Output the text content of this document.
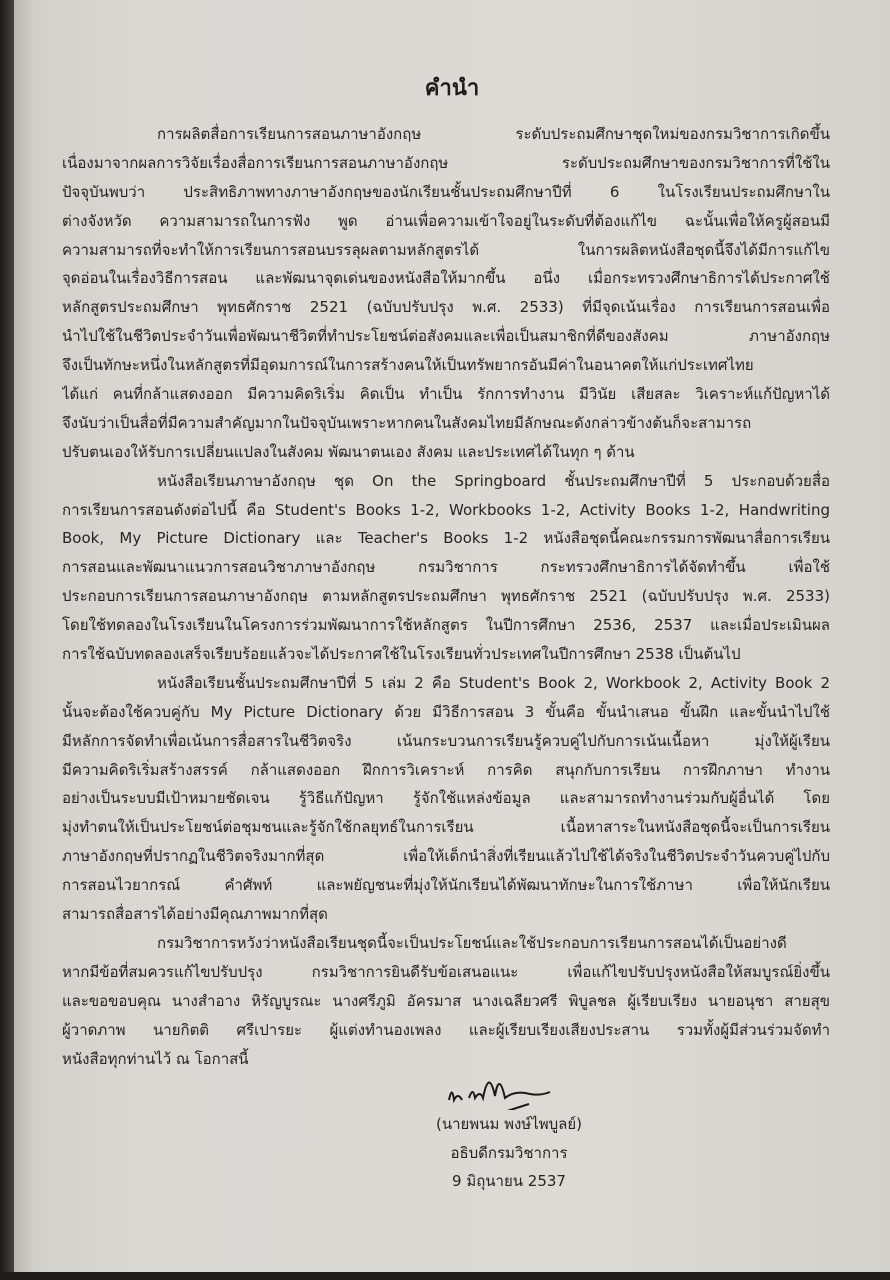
คำนำ
การผลิตสื่อการเรียนการสอนภาษาอังกฤษ ระดับประถมศึกษาชุดใหม่ของกรมวิชาการเกิดขึ้น
เนื่องมาจากผลการวิจัยเรื่องสื่อการเรียนการสอนภาษาอังกฤษ ระดับประถมศึกษาของกรมวิชาการที่ใช้ใน
ปัจจุบันพบว่า ประสิทธิภาพทางภาษาอังกฤษของนักเรียนชั้นประถมศึกษาปีที่ 6 ในโรงเรียนประถมศึกษาใน
ต่างจังหวัด ความสามารถในการฟัง พูด อ่านเพื่อความเข้าใจอยู่ในระดับที่ต้องแก้ไข ฉะนั้นเพื่อให้ครูผู้สอนมี
ความสามารถที่จะทำให้การเรียนการสอนบรรลุผลตามหลักสูตรได้ ในการผลิตหนังสือชุดนี้จึงได้มีการแก้ไข
จุดอ่อนในเรื่องวิธีการสอน และพัฒนาจุดเด่นของหนังสือให้มากขึ้น อนึ่ง เมื่อกระทรวงศึกษาธิการได้ประกาศใช้
หลักสูตรประถมศึกษา พุทธศักราช 2521 (ฉบับปรับปรุง พ.ศ. 2533) ที่มีจุดเน้นเรื่อง การเรียนการสอนเพื่อ
นำไปใช้ในชีวิตประจำวันเพื่อพัฒนาชีวิตที่ทำประโยชน์ต่อสังคมและเพื่อเป็นสมาชิกที่ดีของสังคม ภาษาอังกฤษ
จึงเป็นทักษะหนึ่งในหลักสูตรที่มีอุดมการณ์ในการสร้างคนให้เป็นทรัพยากรอันมีค่าในอนาคตให้แก่ประเทศไทย
ได้แก่ คนที่กล้าแสดงออก มีความคิดริเริ่ม คิดเป็น ทำเป็น รักการทำงาน มีวินัย เสียสละ วิเคราะห์แก้ปัญหาได้
จึงนับว่าเป็นสื่อที่มีความสำคัญมากในปัจจุบันเพราะหากคนในสังคมไทยมีลักษณะดังกล่าวข้างต้นก็จะสามารถ
ปรับตนเองให้รับการเปลี่ยนแปลงในสังคม พัฒนาตนเอง สังคม และประเทศได้ในทุก ๆ ด้าน
หนังสือเรียนภาษาอังกฤษ ชุด On the Springboard ชั้นประถมศึกษาปีที่ 5 ประกอบด้วยสื่อ
การเรียนการสอนดังต่อไปนี้ คือ Student's Books 1-2, Workbooks 1-2, Activity Books 1-2, Handwriting
Book, My Picture Dictionary และ Teacher's Books 1-2 หนังสือชุดนี้คณะกรรมการพัฒนาสื่อการเรียน
การสอนและพัฒนาแนวการสอนวิชาภาษาอังกฤษ กรมวิชาการ กระทรวงศึกษาธิการได้จัดทำขึ้น เพื่อใช้
ประกอบการเรียนการสอนภาษาอังกฤษ ตามหลักสูตรประถมศึกษา พุทธศักราช 2521 (ฉบับปรับปรุง พ.ศ. 2533)
โดยใช้ทดลองในโรงเรียนในโครงการร่วมพัฒนาการใช้หลักสูตร ในปีการศึกษา 2536, 2537 และเมื่อประเมินผล
การใช้ฉบับทดลองเสร็จเรียบร้อยแล้วจะได้ประกาศใช้ในโรงเรียนทั่วประเทศในปีการศึกษา 2538 เป็นต้นไป
หนังสือเรียนชั้นประถมศึกษาปีที่ 5 เล่ม 2 คือ Student's Book 2, Workbook 2, Activity Book 2
นั้นจะต้องใช้ควบคู่กับ My Picture Dictionary ด้วย มีวิธีการสอน 3 ขั้นคือ ขั้นนำเสนอ ขั้นฝึก และขั้นนำไปใช้
มีหลักการจัดทำเพื่อเน้นการสื่อสารในชีวิตจริง เน้นกระบวนการเรียนรู้ควบคู่ไปกับการเน้นเนื้อหา มุ่งให้ผู้เรียน
มีความคิดริเริ่มสร้างสรรค์ กล้าแสดงออก ฝึกการวิเคราะห์ การคิด สนุกกับการเรียน การฝึกภาษา ทำงาน
อย่างเป็นระบบมีเป้าหมายชัดเจน รู้วิธีแก้ปัญหา รู้จักใช้แหล่งข้อมูล และสามารถทำงานร่วมกับผู้อื่นได้ โดย
มุ่งทำตนให้เป็นประโยชน์ต่อชุมชนและรู้จักใช้กลยุทธ์ในการเรียน เนื้อหาสาระในหนังสือชุดนี้จะเป็นการเรียน
ภาษาอังกฤษที่ปรากฏในชีวิตจริงมากที่สุด เพื่อให้เด็กนำสิ่งที่เรียนแล้วไปใช้ได้จริงในชีวิตประจำวันควบคู่ไปกับ
การสอนไวยากรณ์ คำศัพท์ และพยัญชนะที่มุ่งให้นักเรียนได้พัฒนาทักษะในการใช้ภาษา เพื่อให้นักเรียน
สามารถสื่อสารได้อย่างมีคุณภาพมากที่สุด
กรมวิชาการหวังว่าหนังสือเรียนชุดนี้จะเป็นประโยชน์และใช้ประกอบการเรียนการสอนได้เป็นอย่างดี
หากมีข้อที่สมควรแก้ไขปรับปรุง กรมวิชาการยินดีรับข้อเสนอแนะ เพื่อแก้ไขปรับปรุงหนังสือให้สมบูรณ์ยิ่งขึ้น
และขอขอบคุณ นางสำอาง หิรัญบูรณะ นางศรีภูมิ อัครมาส นางเฉลียวศรี พิบูลชล ผู้เรียบเรียง นายอนุชา สายสุข
ผู้วาดภาพ นายกิตติ ศรีเปารยะ ผู้แต่งทำนองเพลง และผู้เรียบเรียงเสียงประสาน รวมทั้งผู้มีส่วนร่วมจัดทำ
หนังสือทุกท่านไว้ ณ โอกาสนี้
(นายพนม พงษ์ไพบูลย์)
อธิบดีกรมวิชาการ
9 มิถุนายน 2537
